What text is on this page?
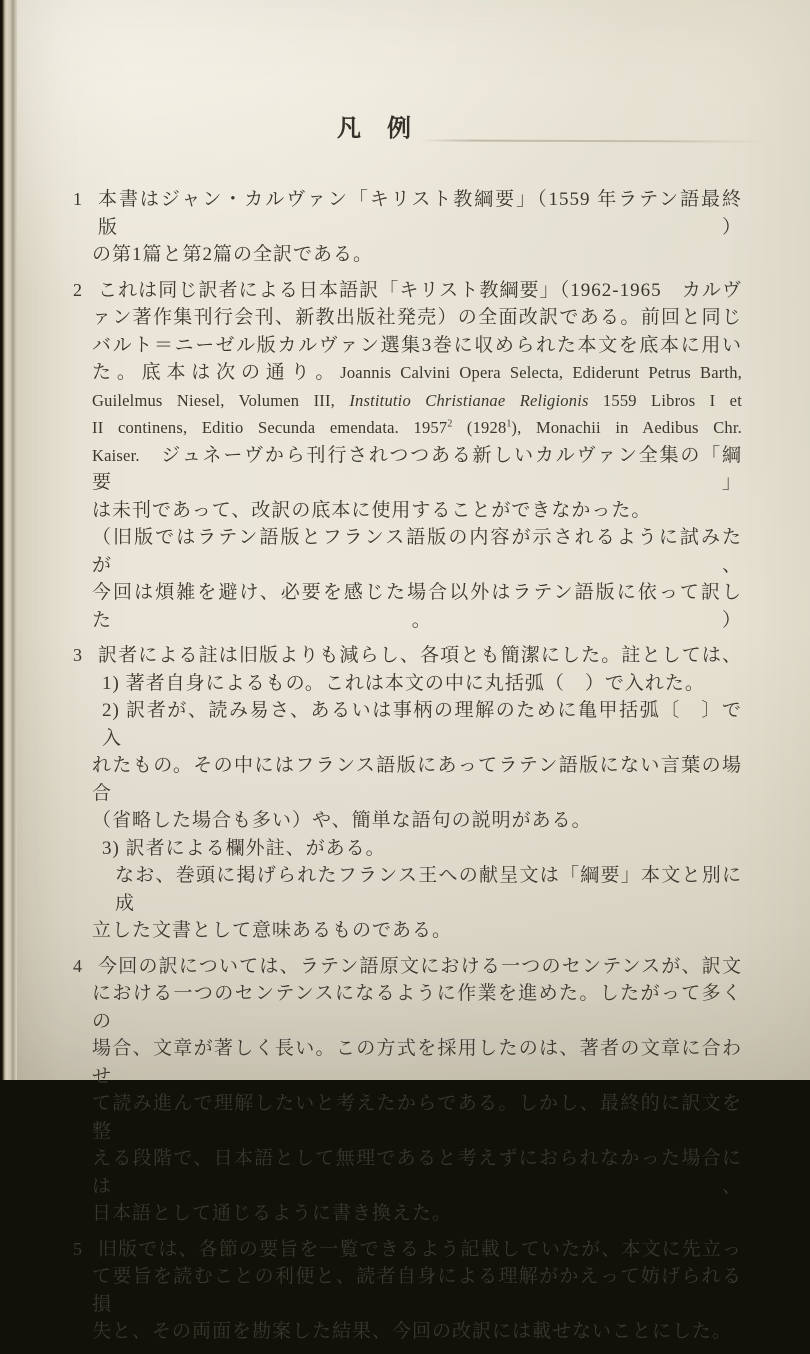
凡　例
1 本書はジャン・カルヴァン「キリスト教綱要」（1559 年ラテン語最終版）
の第1篇と第2篇の全訳である。
2 これは同じ訳者による日本語訳「キリスト教綱要」（1962-1965　カルヴ
ァン著作集刊行会刊、新教出版社発売）の全面改訳である。前回と同じ
バルト＝ニーゼル版カルヴァン選集3巻に収められた本文を底本に用い
た。底本は次の通り。Joannis Calvini Opera Selecta, Ediderunt Petrus Barth,
Guilelmus Niesel, Volumen III, Institutio Christianae Religionis 1559 Libros I et
II continens, Editio Secunda emendata. 1957$^2$ (1928$^1$), Monachii in Aedibus Chr.
Kaiser.　ジュネーヴから刊行されつつある新しいカルヴァン全集の「綱要」
は未刊であって、改訳の底本に使用することができなかった。
（旧版ではラテン語版とフランス語版の内容が示されるように試みたが、
今回は煩雑を避け、必要を感じた場合以外はラテン語版に依って訳した。）
3 訳者による註は旧版よりも減らし、各項とも簡潔にした。註としては、
1) 著者自身によるもの。これは本文の中に丸括弧（　）で入れた。
2) 訳者が、読み易さ、あるいは事柄の理解のために亀甲括弧〔　〕で入
れたもの。その中にはフランス語版にあってラテン語版にない言葉の場合
（省略した場合も多い）や、簡単な語句の説明がある。
3) 訳者による欄外註、がある。
なお、巻頭に掲げられたフランス王への献呈文は「綱要」本文と別に成
立した文書として意味あるものである。
4 今回の訳については、ラテン語原文における一つのセンテンスが、訳文
における一つのセンテンスになるように作業を進めた。したがって多くの
場合、文章が著しく長い。この方式を採用したのは、著者の文章に合わせ
て読み進んで理解したいと考えたからである。しかし、最終的に訳文を整
える段階で、日本語として無理であると考えずにおられなかった場合には、
日本語として通じるように書き換えた。
5 旧版では、各節の要旨を一覧できるよう記載していたが、本文に先立っ
て要旨を読むことの利便と、読者自身による理解がかえって妨げられる損
失と、その両面を勘案した結果、今回の改訳には載せないことにした。
